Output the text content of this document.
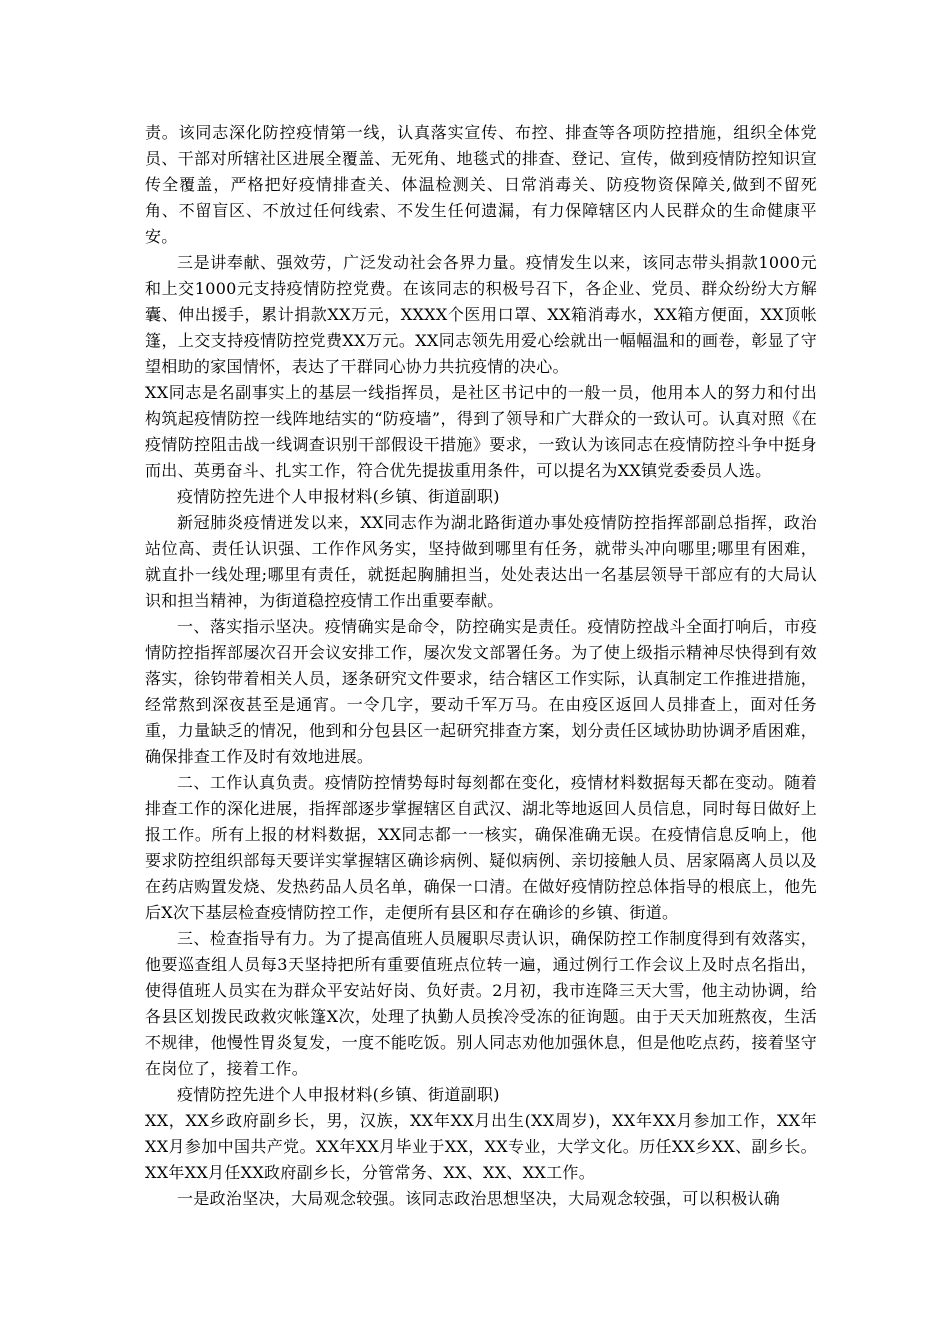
责。该同志深化防控疫情第一线，认真落实宣传、布控、排查等各项防控措施，组织全体党员、干部对所辖社区进展全覆盖、无死角、地毯式的排查、登记、宣传，做到疫情防控知识宣传全覆盖，严格把好疫情排查关、体温检测关、日常消毒关、防疫物资保障关,做到不留死角、不留盲区、不放过任何线索、不发生任何遗漏，有力保障辖区内人民群众的生命健康平安。

三是讲奉献、强效劳，广泛发动社会各界力量。疫情发生以来，该同志带头捐款1000元和上交1000元支持疫情防控党费。在该同志的积极号召下，各企业、党员、群众纷纷大方解囊、伸出援手，累计捐款XX万元，XXXX个医用口罩、XX箱消毒水，XX箱方便面，XX顶帐篷，上交支持疫情防控党费XX万元。XX同志领先用爱心绘就出一幅幅温和的画卷，彰显了守望相助的家国情怀，表达了干群同心协力共抗疫情的决心。

XX同志是名副事实上的基层一线指挥员，是社区书记中的一般一员，他用本人的努力和付出构筑起疫情防控一线阵地结实的“防疫墙”，得到了领导和广大群众的一致认可。认真对照《在疫情防控阻击战一线调查识别干部假设干措施》要求，一致认为该同志在疫情防控斗争中挺身而出、英勇奋斗、扎实工作，符合优先提拔重用条件，可以提名为XX镇党委委员人选。

疫情防控先进个人申报材料(乡镇、街道副职)

新冠肺炎疫情迸发以来，XX同志作为湖北路街道办事处疫情防控指挥部副总指挥，政治站位高、责任认识强、工作作风务实，坚持做到哪里有任务，就带头冲向哪里;哪里有困难，就直扑一线处理;哪里有责任，就挺起胸脯担当，处处表达出一名基层领导干部应有的大局认识和担当精神，为街道稳控疫情工作出重要奉献。

一、落实指示坚决。疫情确实是命令，防控确实是责任。疫情防控战斗全面打响后，市疫情防控指挥部屡次召开会议安排工作，屡次发文部署任务。为了使上级指示精神尽快得到有效落实，徐钧带着相关人员，逐条研究文件要求，结合辖区工作实际，认真制定工作推进措施，经常熬到深夜甚至是通宵。一令几字，要动千军万马。在由疫区返回人员排查上，面对任务重，力量缺乏的情况，他到和分包县区一起研究排查方案，划分责任区域协助协调矛盾困难，确保排查工作及时有效地进展。

二、工作认真负责。疫情防控情势每时每刻都在变化，疫情材料数据每天都在变动。随着排查工作的深化进展，指挥部逐步掌握辖区自武汉、湖北等地返回人员信息，同时每日做好上报工作。所有上报的材料数据，XX同志都一一核实，确保准确无误。在疫情信息反响上，他要求防控组织部每天要详实掌握辖区确诊病例、疑似病例、亲切接触人员、居家隔离人员以及在药店购置发烧、发热药品人员名单，确保一口清。在做好疫情防控总体指导的根底上，他先后X次下基层检查疫情防控工作，走便所有县区和存在确诊的乡镇、街道。

三、检查指导有力。为了提高值班人员履职尽责认识，确保防控工作制度得到有效落实，他要巡查组人员每3天坚持把所有重要值班点位转一遍，通过例行工作会议上及时点名指出，使得值班人员实在为群众平安站好岗、负好责。2月初，我市连降三天大雪，他主动协调，给各县区划拨民政救灾帐篷X次，处理了执勤人员挨冷受冻的征询题。由于天天加班熬夜，生活不规律，他慢性胃炎复发，一度不能吃饭。别人同志劝他加强休息，但是他吃点药，接着坚守在岗位了，接着工作。

疫情防控先进个人申报材料(乡镇、街道副职)

XX，XX乡政府副乡长，男，汉族，XX年XX月出生(XX周岁)，XX年XX月参加工作，XX年XX月参加中国共产党。XX年XX月毕业于XX，XX专业，大学文化。历任XX乡XX、副乡长。XX年XX月任XX政府副乡长，分管常务、XX、XX、XX工作。

一是政治坚决，大局观念较强。该同志政治思想坚决，大局观念较强，可以积极认确
